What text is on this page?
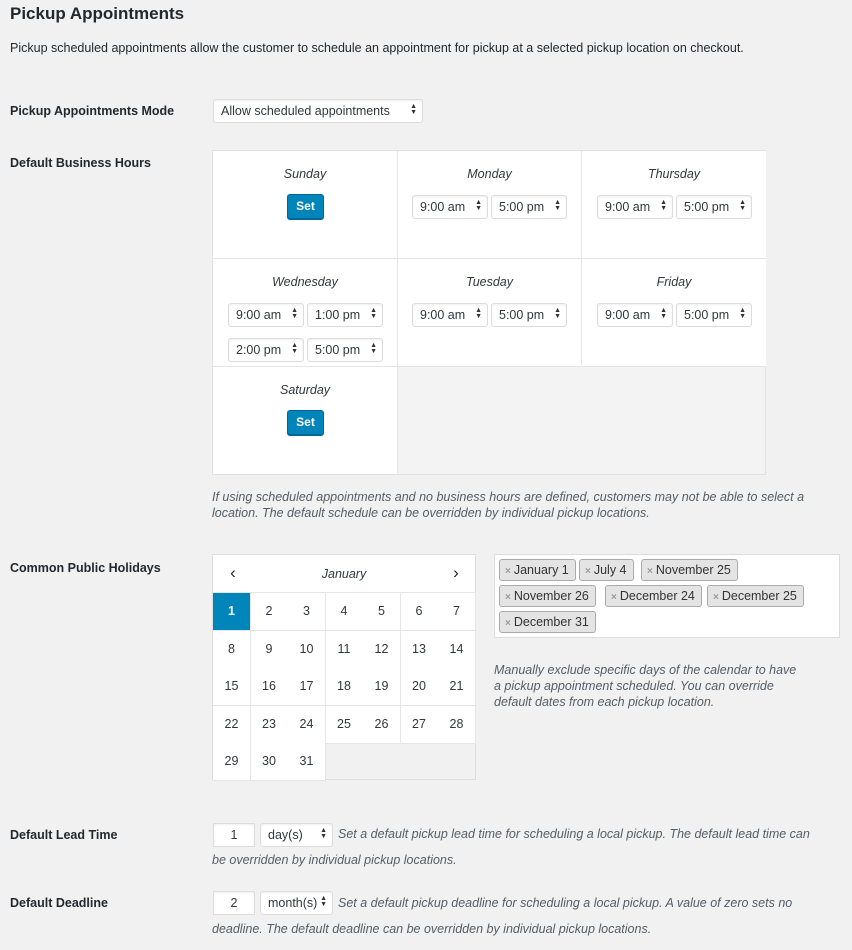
Pickup Appointments
Pickup scheduled appointments allow the customer to schedule an appointment for pickup at a selected pickup location on checkout.
Pickup Appointments Mode	Allow scheduled appointments	▲
▼

Default Business Hours
Sunday
Set
Monday
9:00 am ▲
▼	5:00 pm ▲
▼
Thursday
9:00 am ▲
▼	5:00 pm ▲
▼
Wednesday
9:00 am ▲
▼	1:00 pm ▲
▼
2:00 pm ▲
▼	5:00 pm ▲
▼
Tuesday
9:00 am ▲
▼	5:00 pm ▲
▼
Friday
9:00 am ▲
▼	5:00 pm ▲
▼
Saturday
Set
If using scheduled appointments and no business hours are defined, customers may not be able to select a
location. The default schedule can be overridden by individual pickup locations.
Common Public Holidays	‹	January	›
1	2	3	4	5	6	7
8	9	10	11	12	13	14
15	16	17	18	19	20	21
22	23	24	25	26	27	28
29	30	31
× January 1	× July 4	× November 25
× November 26	× December 24	× December 25
× December 31
Manually exclude specific days of the calendar to have
a pickup appointment scheduled. You can override
default dates from each pickup location.
Default Lead Time
1	day(s) ▲
▼ Set a default pickup lead time for scheduling a local pickup. The default lead time can
be overridden by individual pickup locations.
Default Deadline
2	month(s) ▲
▼ Set a default pickup deadline for scheduling a local pickup. A value of zero sets no
deadline. The default deadline can be overridden by individual pickup locations.
